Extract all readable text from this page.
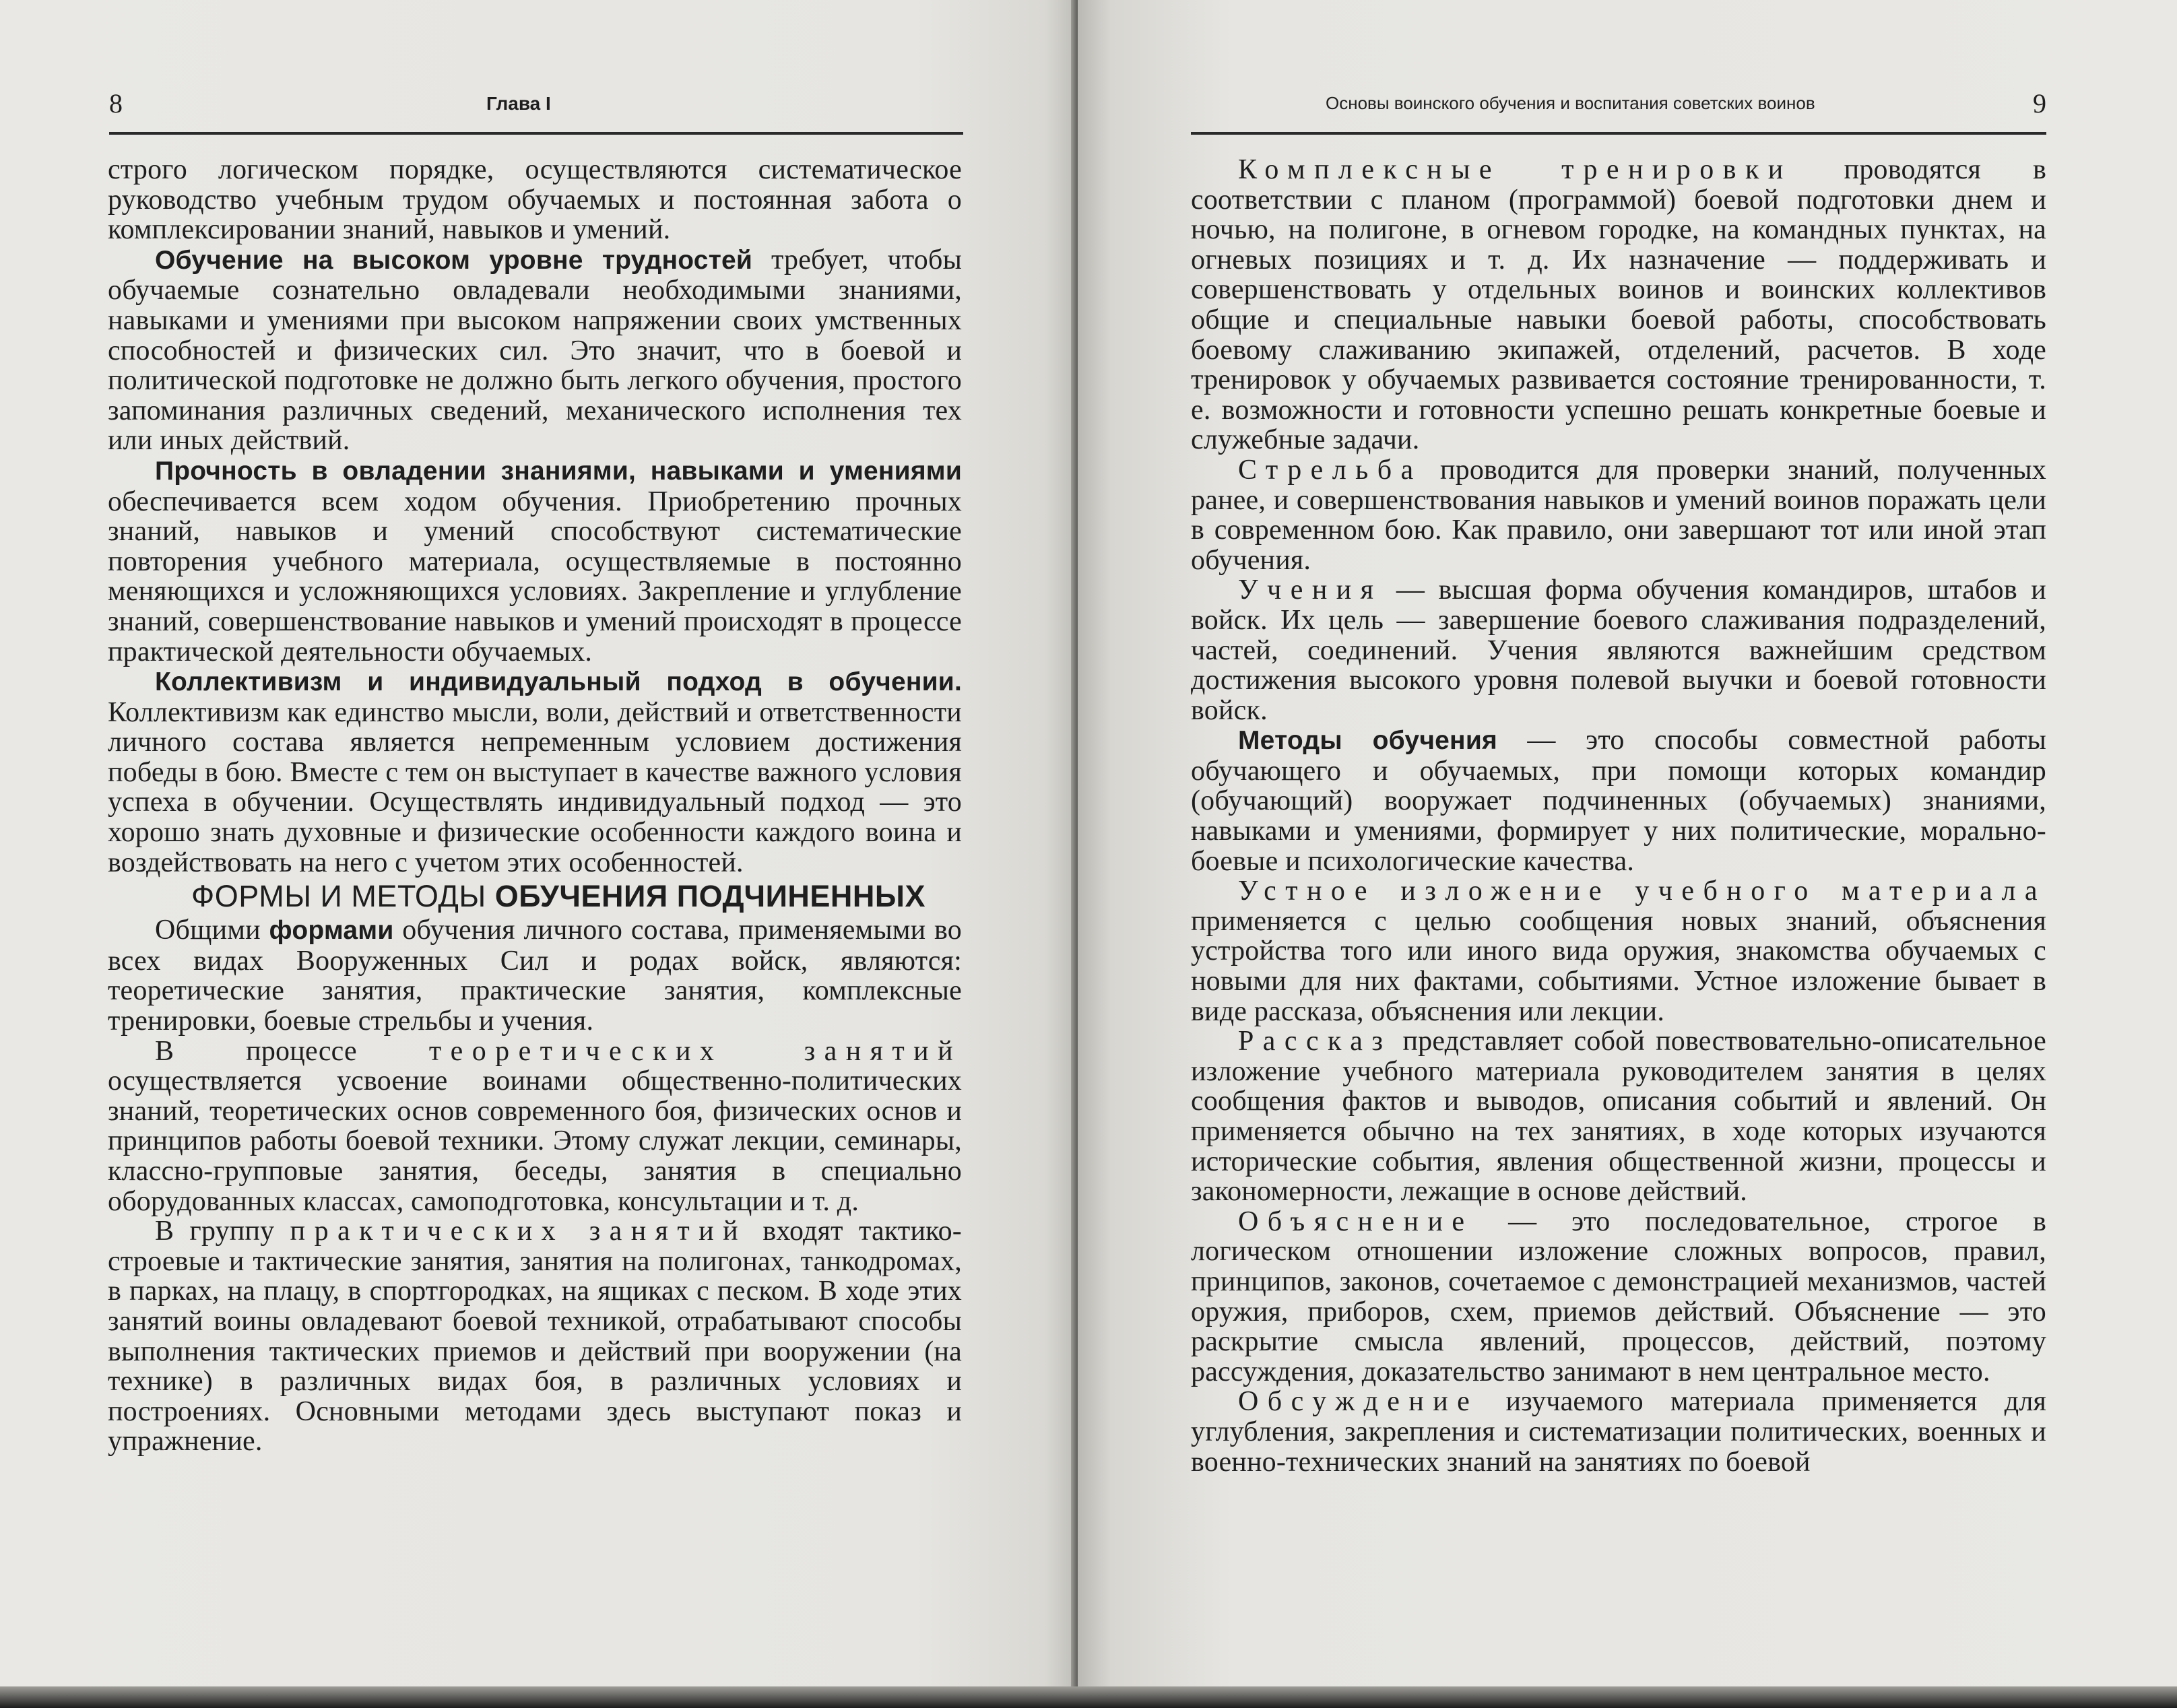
8	Глава I

строго логическом порядке, осуществляются систематическое руководство учебным трудом обучаемых и постоянная забота о комплексировании знаний, навыков и умений.

Обучение на высоком уровне трудностей требует, чтобы обучаемые сознательно овладевали необходимыми знаниями, навыками и умениями при высоком напряжении своих умственных способностей и физических сил. Это значит, что в боевой и политической подготовке не должно быть легкого обучения, простого запоминания различных сведений, механического исполнения тех или иных действий.

Прочность в овладении знаниями, навыками и умениями обеспечивается всем ходом обучения. Приобретению прочных знаний, навыков и умений способствуют систематические повторения учебного материала, осуществляемые в постоянно меняющихся и усложняющихся условиях. Закрепление и углубление знаний, совершенствование навыков и умений происходят в процессе практической деятельности обучаемых.

Коллективизм и индивидуальный подход в обучении. Коллективизм как единство мысли, воли, действий и ответственности личного состава является непременным условием достижения победы в бою. Вместе с тем он выступает в качестве важного условия успеха в обучении. Осуществлять индивидуальный подход — это хорошо знать духовные и физические особенности каждого воина и воздействовать на него с учетом этих особенностей.

ФОРМЫ И МЕТОДЫ ОБУЧЕНИЯ ПОДЧИНЕННЫХ

Общими формами обучения личного состава, применяемыми во всех видах Вооруженных Сил и родах войск, являются: теоретические занятия, практические занятия, комплексные тренировки, боевые стрельбы и учения.

В процессе теоретических занятий осуществляется усвоение воинами общественно-политических знаний, теоретических основ современного боя, физических основ и принципов работы боевой техники. Этому служат лекции, семинары, классно-групповые занятия, беседы, занятия в специально оборудованных классах, самоподготовка, консультации и т. д.

В группу практических занятий входят тактико-строевые и тактические занятия, занятия на полигонах, танкодромах, в парках, на плацу, в спортгородках, на ящиках с песком. В ходе этих занятий воины овладевают боевой техникой, отрабатывают способы выполнения тактических приемов и действий при вооружении (на технике) в различных видах боя, в различных условиях и построениях. Основными методами здесь выступают показ и упражнение.

Основы воинского обучения и воспитания советских воинов	9

Комплексные тренировки проводятся в соответствии с планом (программой) боевой подготовки днем и ночью, на полигоне, в огневом городке, на командных пунктах, на огневых позициях и т. д. Их назначение — поддерживать и совершенствовать у отдельных воинов и воинских коллективов общие и специальные навыки боевой работы, способствовать боевому слаживанию экипажей, отделений, расчетов. В ходе тренировок у обучаемых развивается состояние тренированности, т. е. возможности и готовности успешно решать конкретные боевые и служебные задачи.

Стрельба проводится для проверки знаний, полученных ранее, и совершенствования навыков и умений воинов поражать цели в современном бою. Как правило, они завершают тот или иной этап обучения.

Учения — высшая форма обучения командиров, штабов и войск. Их цель — завершение боевого слаживания подразделений, частей, соединений. Учения являются важнейшим средством достижения высокого уровня полевой выучки и боевой готовности войск.

Методы обучения — это способы совместной работы обучающего и обучаемых, при помощи которых командир (обучающий) вооружает подчиненных (обучаемых) знаниями, навыками и умениями, формирует у них политические, морально-боевые и психологические качества.

Устное изложение учебного материала применяется с целью сообщения новых знаний, объяснения устройства того или иного вида оружия, знакомства обучаемых с новыми для них фактами, событиями. Устное изложение бывает в виде рассказа, объяснения или лекции.

Рассказ представляет собой повествовательно-описательное изложение учебного материала руководителем занятия в целях сообщения фактов и выводов, описания событий и явлений. Он применяется обычно на тех занятиях, в ходе которых изучаются исторические события, явления общественной жизни, процессы и закономерности, лежащие в основе действий.

Объяснение — это последовательное, строгое в логическом отношении изложение сложных вопросов, правил, принципов, законов, сочетаемое с демонстрацией механизмов, частей оружия, приборов, схем, приемов действий. Объяснение — это раскрытие смысла явлений, процессов, действий, поэтому рассуждения, доказательство занимают в нем центральное место.

Обсуждение изучаемого материала применяется для углубления, закрепления и систематизации политических, военных и военно-технических знаний на занятиях по боевой
